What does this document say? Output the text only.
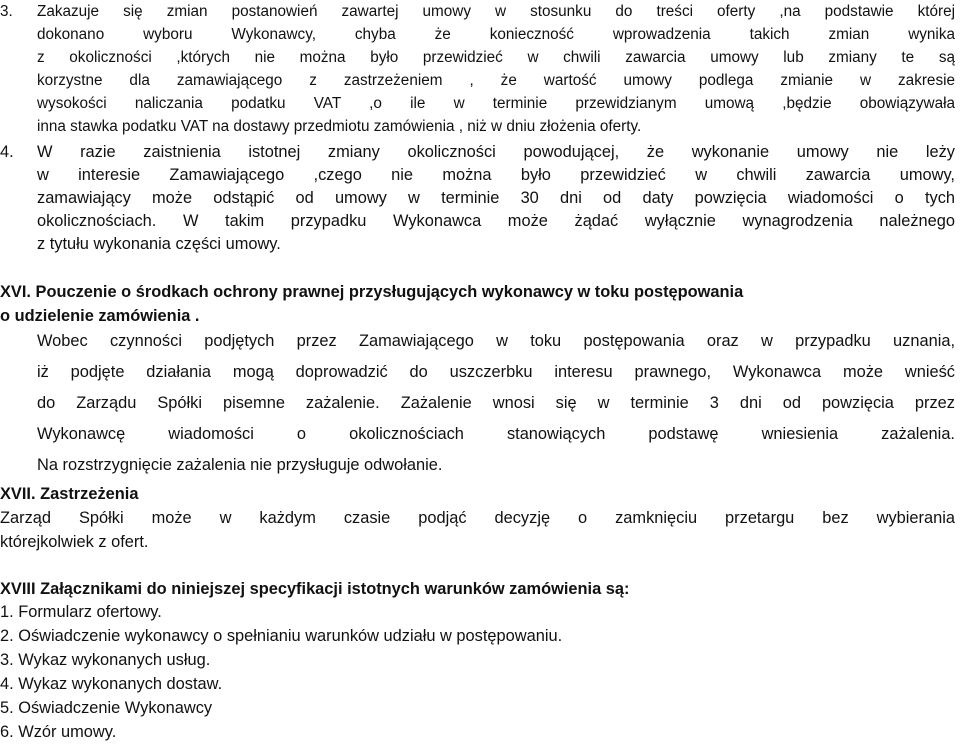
3. Zakazuje się zmian postanowień zawartej umowy w stosunku do treści oferty ,na podstawie której
dokonano wyboru Wykonawcy, chyba że konieczność wprowadzenia takich zmian wynika
z okoliczności ,których nie można było przewidzieć w chwili zawarcia umowy lub zmiany te są
korzystne dla zamawiającego z zastrzeżeniem , że wartość umowy podlega zmianie w zakresie
wysokości naliczania podatku VAT ,o ile w terminie przewidzianym umową ,będzie obowiązywała
inna stawka podatku VAT na dostawy przedmiotu zamówienia , niż w dniu złożenia oferty.
4. W razie zaistnienia istotnej zmiany okoliczności powodującej, że wykonanie umowy nie leży
w interesie Zamawiającego ,czego nie można było przewidzieć w chwili zawarcia umowy,
zamawiający może odstąpić od umowy w terminie 30 dni od daty powzięcia wiadomości o tych
okolicznościach. W takim przypadku Wykonawca może żądać wyłącznie wynagrodzenia należnego
z tytułu wykonania części umowy.
XVI. Pouczenie o środkach ochrony prawnej przysługujących wykonawcy w toku postępowania
o udzielenie zamówienia .
Wobec czynności podjętych przez Zamawiającego w toku postępowania oraz w przypadku uznania,
iż podjęte działania mogą doprowadzić do uszczerbku interesu prawnego, Wykonawca może wnieść
do Zarządu Spółki pisemne zażalenie. Zażalenie wnosi się w terminie 3 dni od powzięcia przez
Wykonawcę wiadomości o okolicznościach stanowiących podstawę wniesienia zażalenia.
Na rozstrzygnięcie zażalenia nie przysługuje odwołanie.
XVII. Zastrzeżenia
Zarząd Spółki może w każdym czasie podjąć decyzję o zamknięciu przetargu bez wybierania
którejkolwiek z ofert.
XVIII Załącznikami do niniejszej specyfikacji istotnych warunków zamówienia są:
1. Formularz ofertowy.
2. Oświadczenie wykonawcy o spełnianiu warunków udziału w postępowaniu.
3. Wykaz wykonanych usług.
4. Wykaz wykonanych dostaw.
5. Oświadczenie Wykonawcy
6. Wzór umowy.
